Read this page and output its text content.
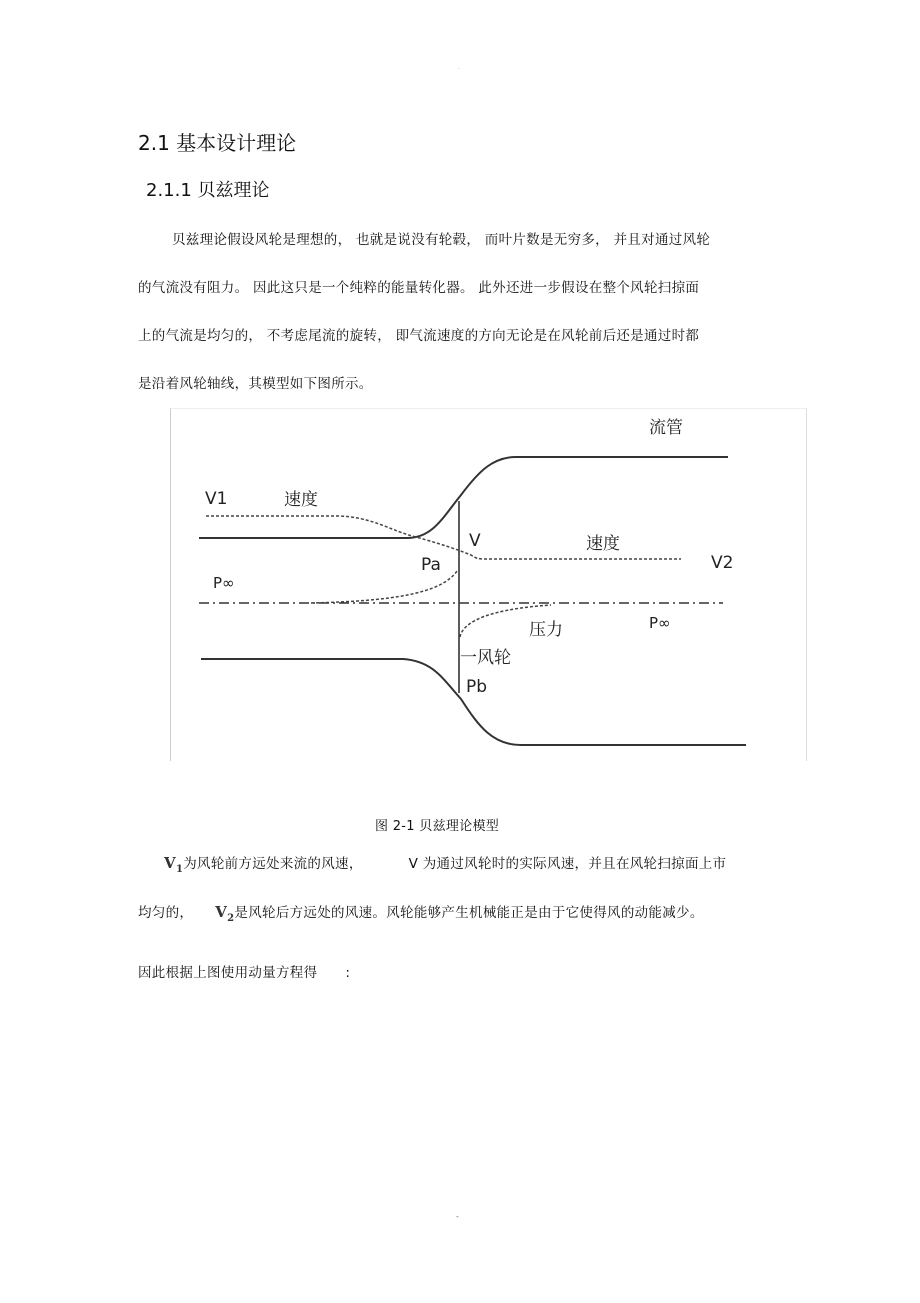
.
2.1 基本设计理论
2.1.1 贝兹理论
贝兹理论假设风轮是理想的， 也就是说没有轮毂， 而叶片数是无穷多， 并且对通过风轮
的气流没有阻力。 因此这只是一个纯粹的能量转化器。 此外还进一步假设在整个风轮扫掠面
上的气流是均匀的， 不考虑尾流的旋转， 即气流速度的方向无论是在风轮前后还是通过时都
是沿着风轮轴线，其模型如下图所示。
流管
V1	速度
V	速度
V2
Pa
P∞
压力	P∞
一风轮
Pb
图 2-1 贝兹理论模型
$V_1$为风轮前方远处来流的风速，	V 为通过风轮时的实际风速，并且在风轮扫掠面上市
均匀的， $V_2$是风轮后方远处的风速。风轮能够产生机械能正是由于它使得风的动能减少。
因此根据上图使用动量方程得 :
-
